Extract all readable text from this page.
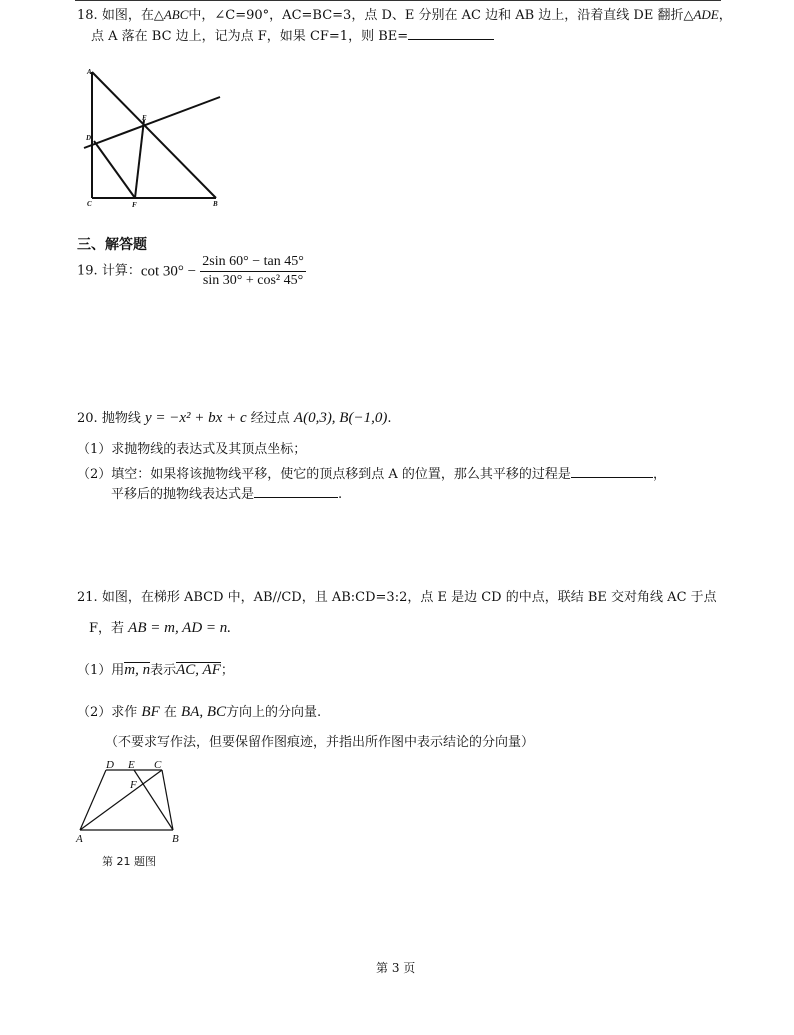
18. 如图，在△ABC中，∠C=90°，AC=BC=3，点 D、E 分别在 AC 边和 AB 边上，沿着直线 DE 翻折△ADE，
点 A 落在 BC 边上，记为点 F，如果 CF=1，则 BE=
A
D
E
C	F	B
三、解答题
19. 计算：$\cot 30^\circ - \frac{2\sin 60^\circ - \tan 45^\circ}{\text{sin 30° + cos² 45°}}$
20. 抛物线 y = −x² + bx + c 经过点 A(0,3), B(−1,0).
（1）求抛物线的表达式及其顶点坐标；
（2）填空：如果将该抛物线平移，使它的顶点移到点 A 的位置，那么其平移的过程是	，
平移后的抛物线表达式是	.
21. 如图，在梯形 ABCD 中，AB//CD，且 AB:CD=3:2，点 E 是边 CD 的中点，联结 BE 交对角线 AC 于点
F，若 AB = m, AD = n.
（1）用m, n表示AC, AF；
（2）求作 BF 在 BA, BC方向上的分向量.
（不要求写作法，但要保留作图痕迹，并指出所作图中表示结论的分向量）
D E C
F
A	B
第 21 题图
第 3 页
